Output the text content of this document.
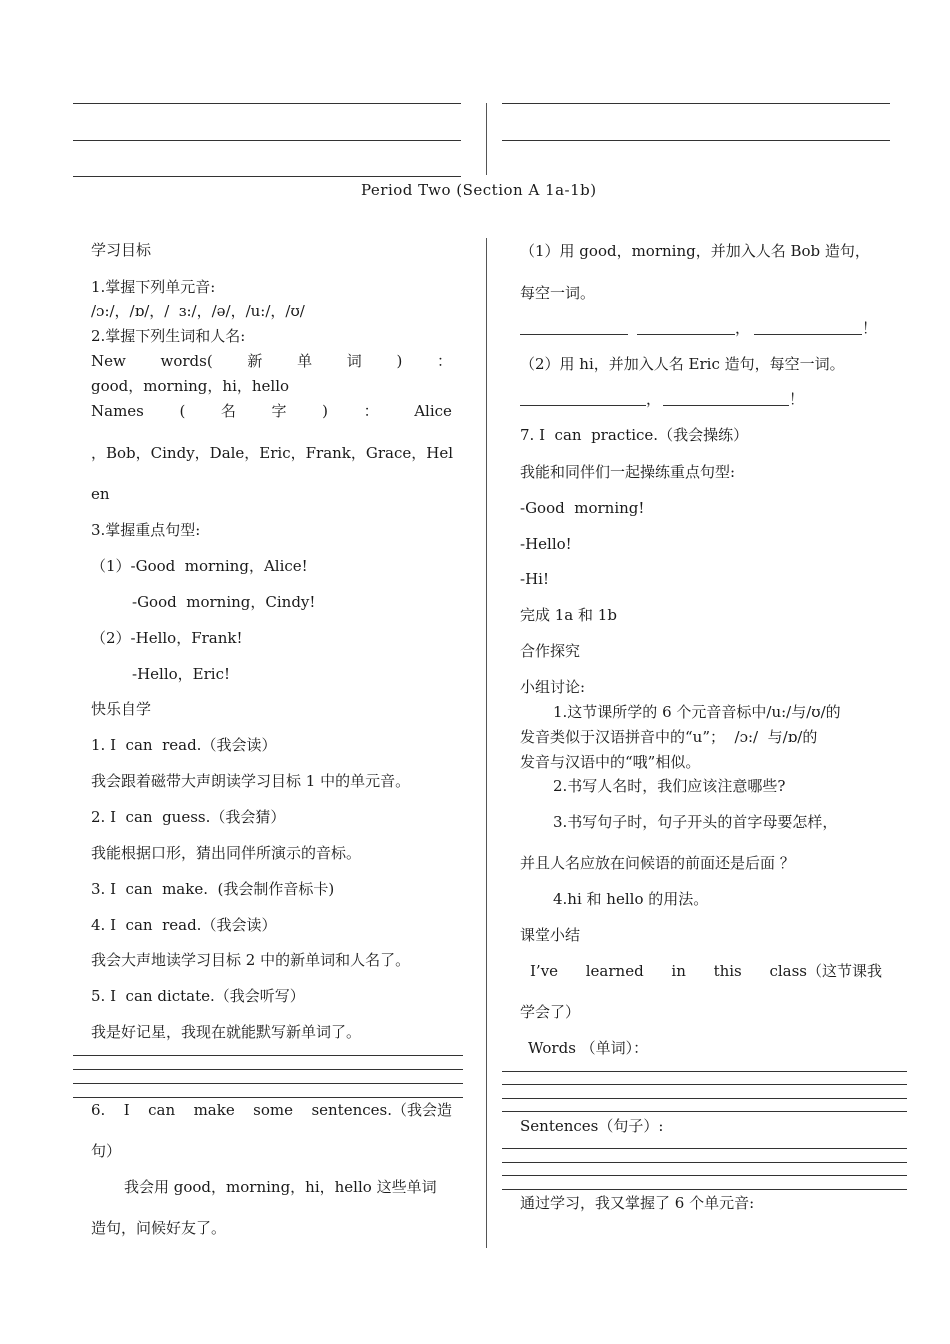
Period Two (Section A 1a-1b)
学习目标
1.掌握下列单元音:
/ɔ:/，/ɒ/，/  ɜ:/，/ə/，/u:/，/ʊ/
2.掌握下列生词和人名:
New words( 新 单 词 ) ：
good，morning，hi，hello
Names ( 名 字 ) ： Alice
，Bob，Cindy，Dale，Eric，Frank，Grace，Hel
en
3.掌握重点句型:
（1）-Good  morning，Alice!
-Good  morning，Cindy!
（2）-Hello，Frank!
-Hello，Eric!
快乐自学
1. I  can  read.（我会读）
我会跟着磁带大声朗读学习目标 1 中的单元音。
2. I  can  guess.（我会猜）
我能根据口形，猜出同伴所演示的音标。
3. I  can  make.  (我会制作音标卡)
4. I  can  read.（我会读）
我会大声地读学习目标 2 中的新单词和人名了。
5. I  can dictate.（我会听写）
我是好记星，我现在就能默写新单词了。
6. I can make some sentences.（我会造
句）
我会用 good，morning，hi，hello 这些单词
造句，问候好友了。
（1）用 good，morning，并加入人名 Bob 造句，
每空一词。
，	！
（2）用 hi，并加入人名 Eric 造句，每空一词。
，	！
7. I  can  practice.（我会操练）
我能和同伴们一起操练重点句型:
-Good  morning!
-Hello!
-Hi!
完成 1a 和 1b
合作探究
小组讨论:
1.这节课所学的 6 个元音音标中/u:/与/ʊ/的
发音类似于汉语拼音中的“u”；  /ɔ:/  与/ɒ/的
发音与汉语中的“哦”相似。
2.书写人名时，我们应该注意哪些?
3.书写句子时，句子开头的首字母要怎样，
并且人名应放在问候语的前面还是后面 ？
4.hi 和 hello 的用法。
课堂小结
I’ve learned in this class（这节课我
学会了）
Words （单词）：
Sentences（句子）:
通过学习，我又掌握了 6 个单元音:
